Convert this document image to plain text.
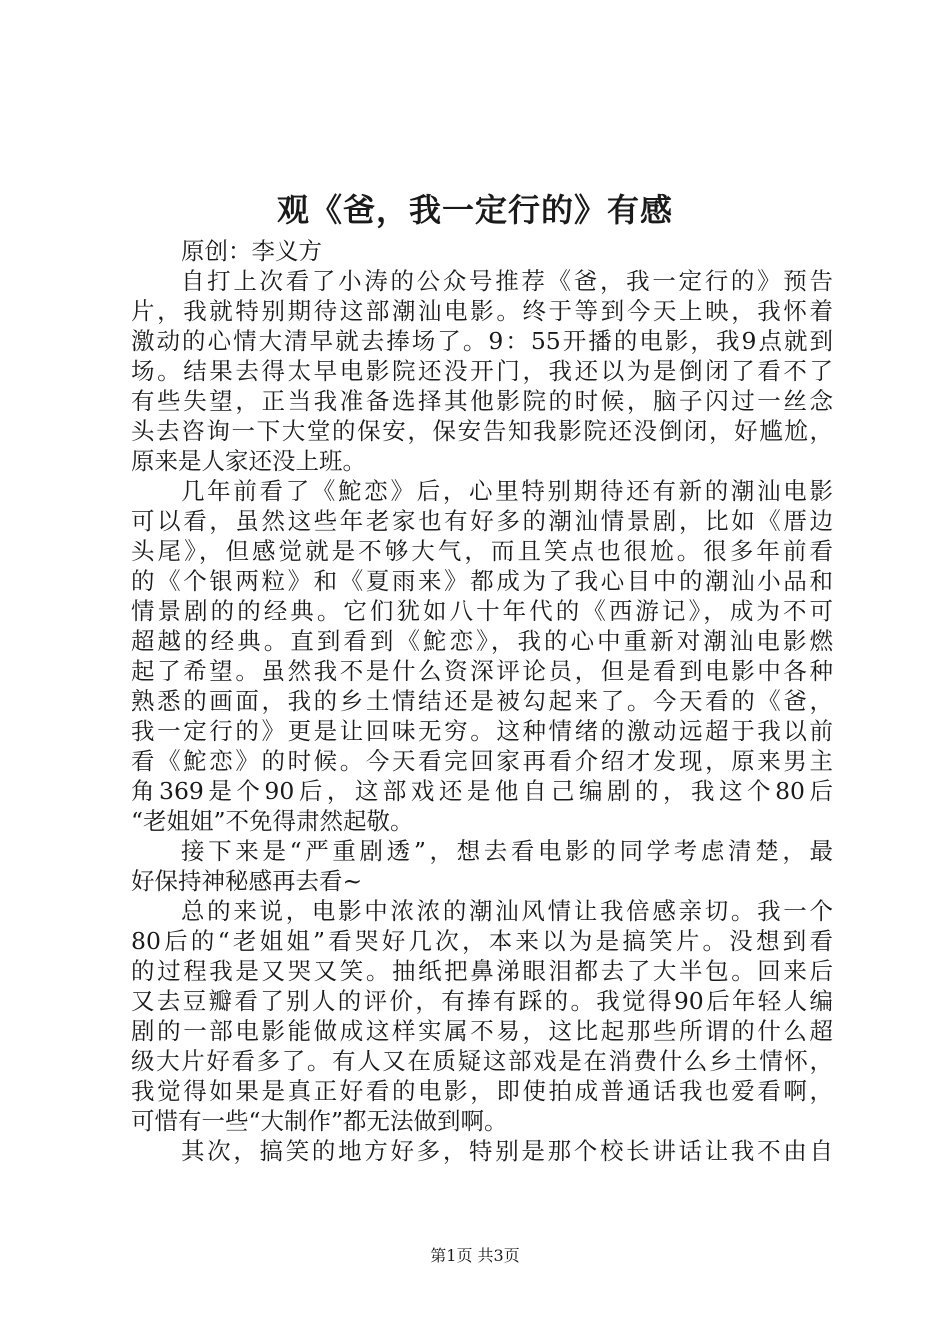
观《爸，我一定行的》有感
原创：李义方
自打上次看了小涛的公众号推荐《爸，我一定行的》预告
片，我就特别期待这部潮汕电影。终于等到今天上映，我怀着
激动的心情大清早就去捧场了。9：55开播的电影，我9点就到
场。结果去得太早电影院还没开门，我还以为是倒闭了看不了
有些失望，正当我准备选择其他影院的时候，脑子闪过一丝念
头去咨询一下大堂的保安，保安告知我影院还没倒闭，好尴尬，
原来是人家还没上班。
几年前看了《鮀恋》后，心里特别期待还有新的潮汕电影
可以看，虽然这些年老家也有好多的潮汕情景剧，比如《厝边
头尾》，但感觉就是不够大气，而且笑点也很尬。很多年前看
的《个银两粒》和《夏雨来》都成为了我心目中的潮汕小品和
情景剧的的经典。它们犹如八十年代的《西游记》，成为不可
超越的经典。直到看到《鮀恋》，我的心中重新对潮汕电影燃
起了希望。虽然我不是什么资深评论员，但是看到电影中各种
熟悉的画面，我的乡土情结还是被勾起来了。今天看的《爸，
我一定行的》更是让回味无穷。这种情绪的激动远超于我以前
看《鮀恋》的时候。今天看完回家再看介绍才发现，原来男主
角369是个90后，这部戏还是他自己编剧的，我这个80后
“老姐姐”不免得肃然起敬。
接下来是“严重剧透”，想去看电影的同学考虑清楚，最
好保持神秘感再去看~
总的来说，电影中浓浓的潮汕风情让我倍感亲切。我一个
80后的“老姐姐”看哭好几次，本来以为是搞笑片。没想到看
的过程我是又哭又笑。抽纸把鼻涕眼泪都去了大半包。回来后
又去豆瓣看了别人的评价，有捧有踩的。我觉得90后年轻人编
剧的一部电影能做成这样实属不易，这比起那些所谓的什么超
级大片好看多了。有人又在质疑这部戏是在消费什么乡土情怀，
我觉得如果是真正好看的电影，即使拍成普通话我也爱看啊，
可惜有一些“大制作”都无法做到啊。
其次，搞笑的地方好多，特别是那个校长讲话让我不由自
第1页 共3页
